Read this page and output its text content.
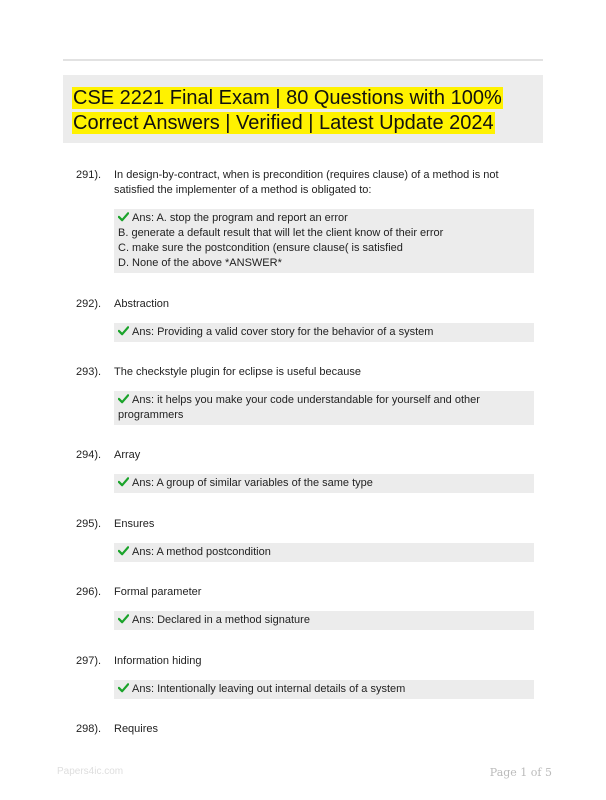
CSE 2221 Final Exam | 80 Questions with 100% Correct Answers | Verified | Latest Update 2024
291). In design-by-contract, when is precondition (requires clause) of a method is not satisfied the implementer of a method is obligated to:
Ans: A. stop the program and report an error
B. generate a default result that will let the client know of their error
C. make sure the postcondition (ensure clause( is satisfied
D. None of the above *ANSWER*
292). Abstraction
Ans: Providing a valid cover story for the behavior of a system
293). The checkstyle plugin for eclipse is useful because
Ans: it helps you make your code understandable for yourself and other programmers
294). Array
Ans: A group of similar variables of the same type
295). Ensures
Ans: A method postcondition
296). Formal parameter
Ans: Declared in a method signature
297). Information hiding
Ans: Intentionally leaving out internal details of a system
298). Requires
Papers4ic.com	Page 1 of 5
